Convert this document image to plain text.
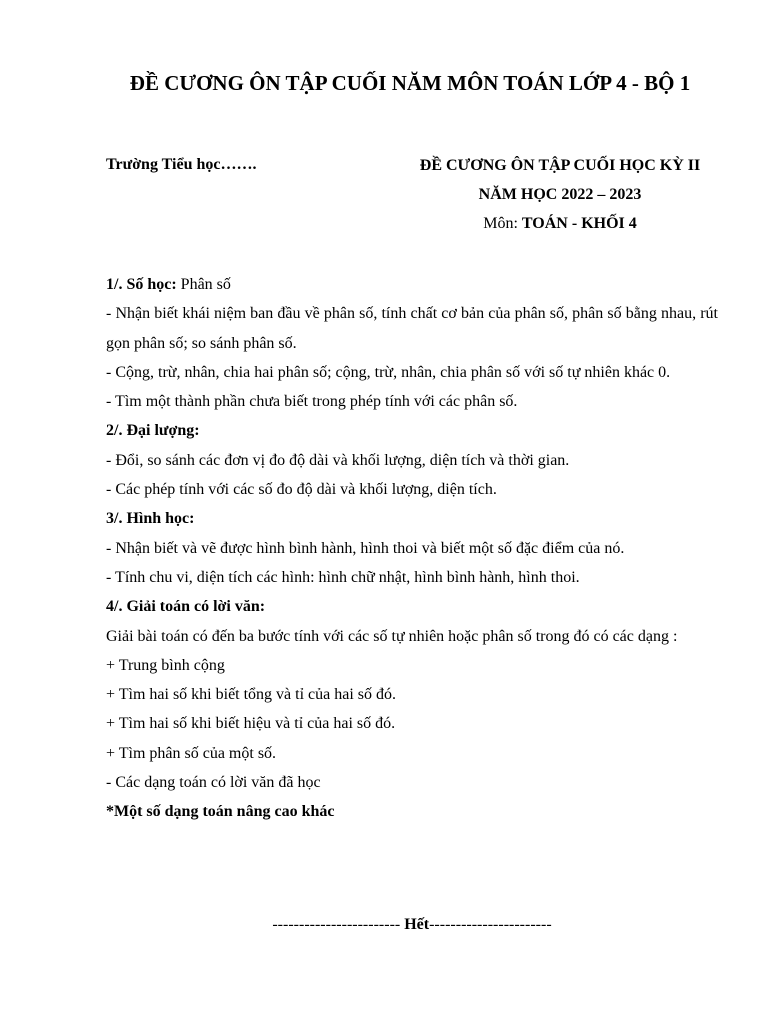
ĐỀ CƯƠNG ÔN TẬP CUỐI NĂM MÔN TOÁN LỚP 4 - BỘ 1
Trường Tiểu học…….	ĐỀ CƯƠNG ÔN TẬP CUỐI HỌC KỲ II
NĂM HỌC 2022 – 2023
Môn: TOÁN - KHỐI 4

1/. Số học: Phân số

- Nhận biết khái niệm ban đầu về phân số, tính chất cơ bản của phân số, phân số bằng nhau, rút gọn phân số; so sánh phân số.

- Cộng, trừ, nhân, chia hai phân số; cộng, trừ, nhân, chia phân số với số tự nhiên khác 0.

- Tìm một thành phần chưa biết trong phép tính với các phân số.

2/. Đại lượng:

- Đổi, so sánh các đơn vị đo độ dài và khối lượng, diện tích và thời gian.

- Các phép tính với các số đo độ dài và khối lượng, diện tích.

3/. Hình học:

- Nhận biết và vẽ được hình bình hành, hình thoi và biết một số đặc điểm của nó.

- Tính chu vi, diện tích các hình: hình chữ nhật, hình bình hành, hình thoi.

4/. Giải toán có lời văn:

Giải bài toán có đến ba bước tính với các số tự nhiên hoặc phân số trong đó có các dạng :

+ Trung bình cộng

+ Tìm hai số khi biết tổng và tỉ của hai số đó.

+ Tìm hai số khi biết hiệu và tỉ của hai số đó.

+ Tìm phân số của một số.

- Các dạng toán có lời văn đã học

*Một số dạng toán nâng cao khác

------------------------ Hết-----------------------
